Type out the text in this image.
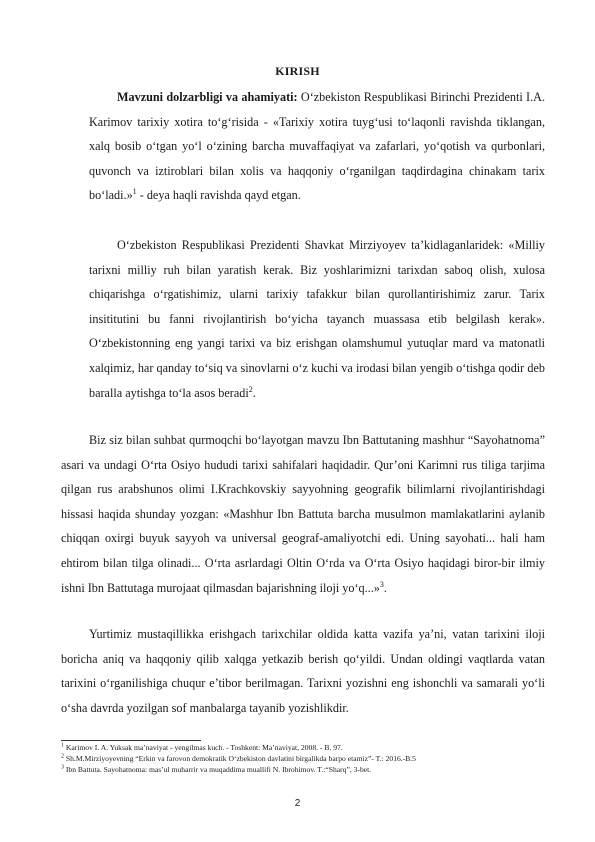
KIRISH
Mavzuni dolzarbligi va ahamiyati: O‘zbekiston Respublikasi Birinchi Prezidenti I.A. Karimov tarixiy xotira to‘g‘risida - «Tarixiy xotira tuyg‘usi to‘laqonli ravishda tiklangan, xalq bosib o‘tgan yo‘l o‘zining barcha muvaffaqiyat va zafarlari, yo‘qotish va qurbonlari, quvonch va iztiroblari bilan xolis va haqqoniy o‘rganilgan taqdirdagina chinakam tarix bo‘ladi.»$^1$ - deya haqli ravishda qayd etgan.
O‘zbekiston Respublikasi Prezidenti Shavkat Mirziyoyev ta’kidlaganlaridek: «Milliy tarixni milliy ruh bilan yaratish kerak. Biz yoshlarimizni tarixdan saboq olish, xulosa chiqarishga o‘rgatishimiz, ularni tarixiy tafakkur bilan qurollantirishimiz zarur. Tarix insititutini bu fanni rivojlantirish bo‘yicha tayanch muassasa etib belgilash kerak». O‘zbekistonning eng yangi tarixi va biz erishgan olamshumul yutuqlar mard va matonatli xalqimiz, har qanday to‘siq va sinovlarni o‘z kuchi va irodasi bilan yengib o‘tishga qodir deb baralla aytishga to‘la asos beradi$^2$.
Biz siz bilan suhbat qurmoqchi bo‘layotgan mavzu Ibn Battutaning mashhur “Sayohatnoma” asari va undagi O‘rta Osiyo hududi tarixi sahifalari haqidadir. Qur’oni Karimni rus tiliga tarjima qilgan rus arabshunos olimi I.Krachkovskiy sayyohning geografik bilimlarni rivojlantirishdagi hissasi haqida shunday yozgan: «Mashhur Ibn Battuta barcha musulmon mamlakatlarini aylanib chiqqan oxirgi buyuk sayyoh va universal geograf-amaliyotchi edi. Uning sayohati... hali ham ehtirom bilan tilga olinadi... O‘rta asrlardagi Oltin O‘rda va O‘rta Osiyo haqidagi biror-bir ilmiy ishni Ibn Battutaga murojaat qilmasdan bajarishning iloji yo‘q...»$^3$.
Yurtimiz mustaqillikka erishgach tarixchilar oldida katta vazifa ya’ni, vatan tarixini iloji boricha aniq va haqqoniy qilib xalqga yetkazib berish qo‘yildi. Undan oldingi vaqtlarda vatan tarixini o‘rganilishiga chuqur e’tibor berilmagan. Tarixni yozishni eng ishonchli va samarali yo‘li o‘sha davrda yozilgan sof manbalarga tayanib yozishlikdir.
$^1$ Karimov I. A. Yuksak ma’naviyat - yengilmas kuch. - Toshkent: Ma’naviyat, 2008. - B. 97.
$^2$ Sh.M.Mirziyoyevning “Erkin va farovon demokratik O‘zbekiston davlatini birgalikda barpo etamiz”- T.: 2016.-B.5
$^3$ Ibn Battuta. Sayohatnoma: mas’ul muharrir va muqaddima muallifi N. Ibrohimov. T.:“Sharq”, 3-bet.
2
